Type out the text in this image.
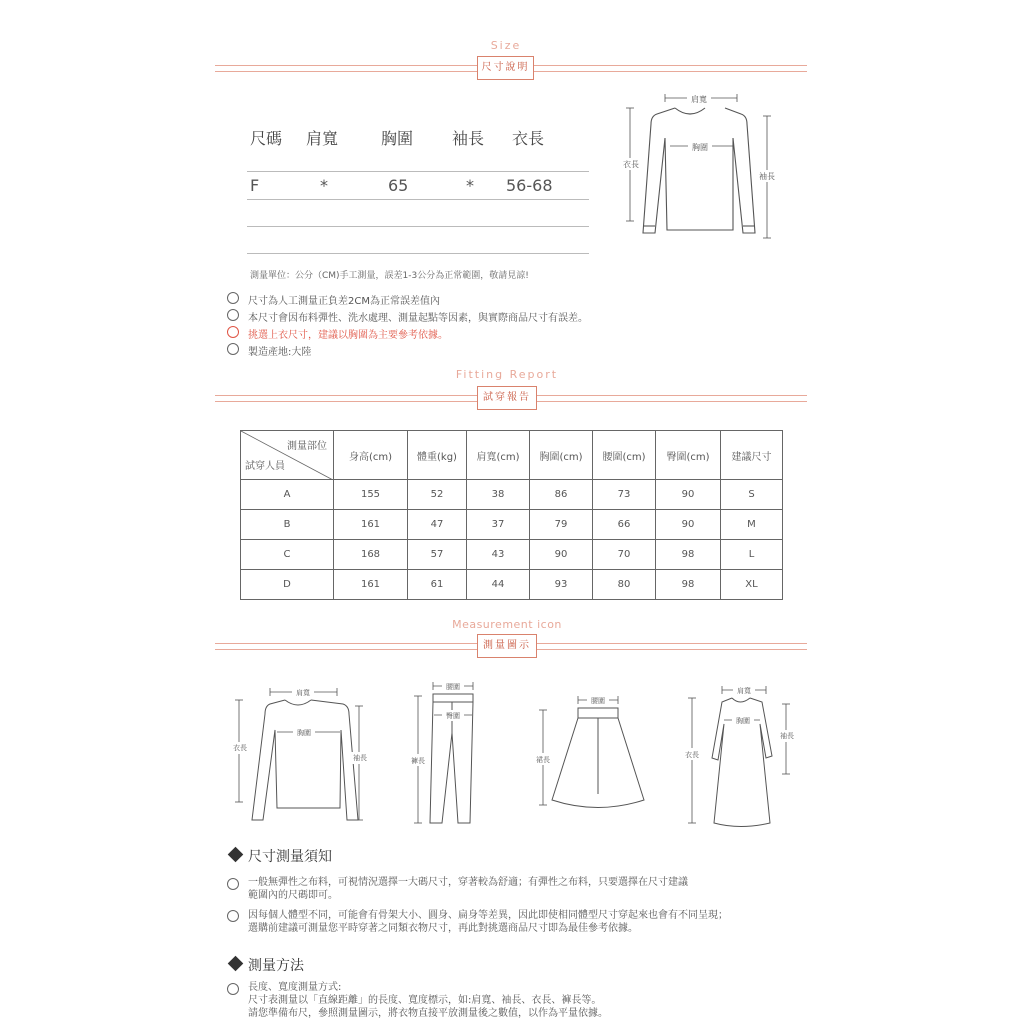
Size
尺寸說明
尺碼 肩寬	胸圍 袖長 衣長
F	*	65	* 56-68
肩寬
胸圍
衣長
袖長
測量單位：公分（CM)手工測量，誤差1-3公分為正常範圍，敬請見諒!
尺寸為人工測量正負差2CM為正常誤差值內
本尺寸會因布料彈性、洗水處理、測量起點等因素，與實際商品尺寸有誤差。
挑選上衣尺寸，建議以胸圍為主要參考依據。
製造產地:大陸
Fitting Report
試穿報告
測量部位
試穿人員	身高(cm)	體重(kg)	肩寬(cm)	胸圍(cm)	腰圍(cm)	臀圍(cm)	建議尺寸
A	155	52	38	86	73	90	S
B	161	47	37	79	66	90	M
C	168	57	43	90	70	98	L
D	161	61	44	93	80	98	XL
Measurement icon
測量圖示
肩寬
胸圍
衣長
袖長
腰圍
臀圍
褲長
腰圍
裙長
肩寬
胸圍
衣長
袖長
尺寸測量須知
一般無彈性之布料，可視情況選擇一大碼尺寸，穿著較為舒適；有彈性之布料，只要選擇在尺寸建議
範圍內的尺碼即可。
因每個人體型不同，可能會有骨架大小、圓身、扁身等差異，因此即使相同體型尺寸穿起來也會有不同呈現；
選購前建議可測量您平時穿著之同類衣物尺寸，再此對挑選商品尺寸即為最佳參考依據。
測量方法
長度、寬度測量方式:
尺寸表測量以「直線距離」的長度、寬度標示，如:肩寬、袖長、衣長、褲長等。
請您準備布尺，參照測量圖示，將衣物直接平放測量後之數值，以作為平量依據。
